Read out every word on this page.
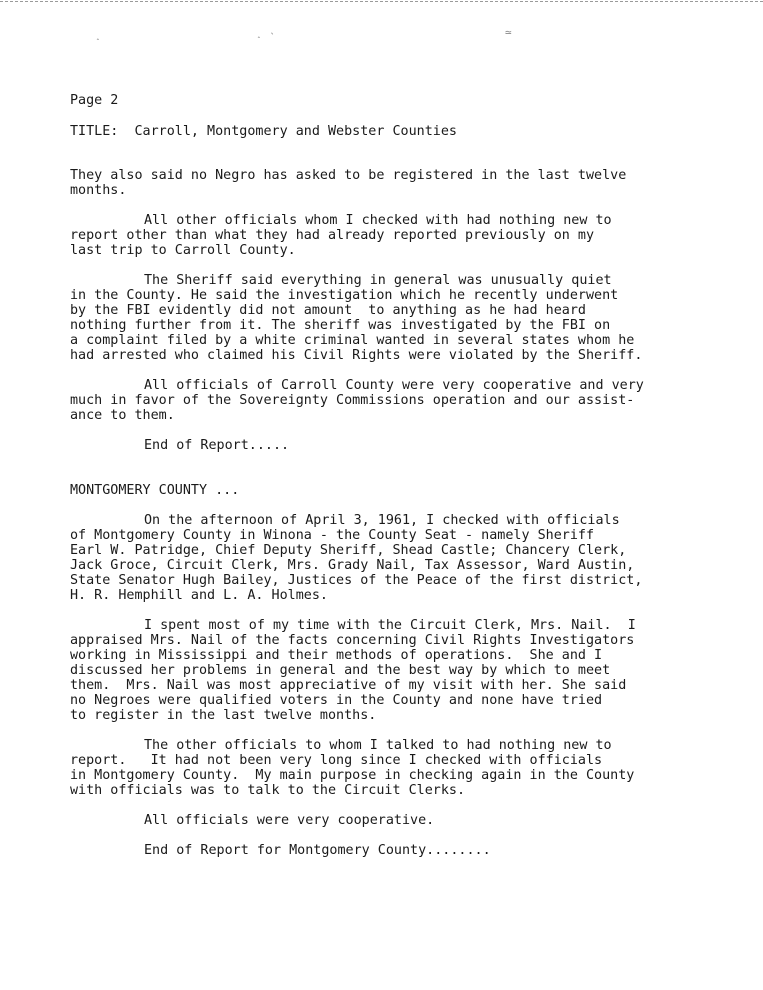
˰	˰ ˴	≃
Page 2
TITLE: Carroll, Montgomery and Webster Counties

They also said no Negro has asked to be registered in the last twelve
months.

All other officials whom I checked with had nothing new to
report other than what they had already reported previously on my
last trip to Carroll County.

The Sheriff said everything in general was unusually quiet
in the County. He said the investigation which he recently underwent
by the FBI evidently did not amount  to anything as he had heard
nothing further from it. The sheriff was investigated by the FBI on
a complaint filed by a white criminal wanted in several states whom he
had arrested who claimed his Civil Rights were violated by the Sheriff.

All officials of Carroll County were very cooperative and very
much in favor of the Sovereignty Commissions operation and our assist-
ance to them.

End of Report.....
MONTGOMERY COUNTY ...

On the afternoon of April 3, 1961, I checked with officials
of Montgomery County in Winona - the County Seat - namely Sheriff
Earl W. Patridge, Chief Deputy Sheriff, Shead Castle; Chancery Clerk,
Jack Groce, Circuit Clerk, Mrs. Grady Nail, Tax Assessor, Ward Austin,
State Senator Hugh Bailey, Justices of the Peace of the first district,
H. R. Hemphill and L. A. Holmes.

I spent most of my time with the Circuit Clerk, Mrs. Nail.  I
appraised Mrs. Nail of the facts concerning Civil Rights Investigators
working in Mississippi and their methods of operations.  She and I
discussed her problems in general and the best way by which to meet
them.  Mrs. Nail was most appreciative of my visit with her. She said
no Negroes were qualified voters in the County and none have tried
to register in the last twelve months.

The other officials to whom I talked to had nothing new to
report.   It had not been very long since I checked with officials
in Montgomery County.  My main purpose in checking again in the County
with officials was to talk to the Circuit Clerks.

All officials were very cooperative.
End of Report for Montgomery County........
